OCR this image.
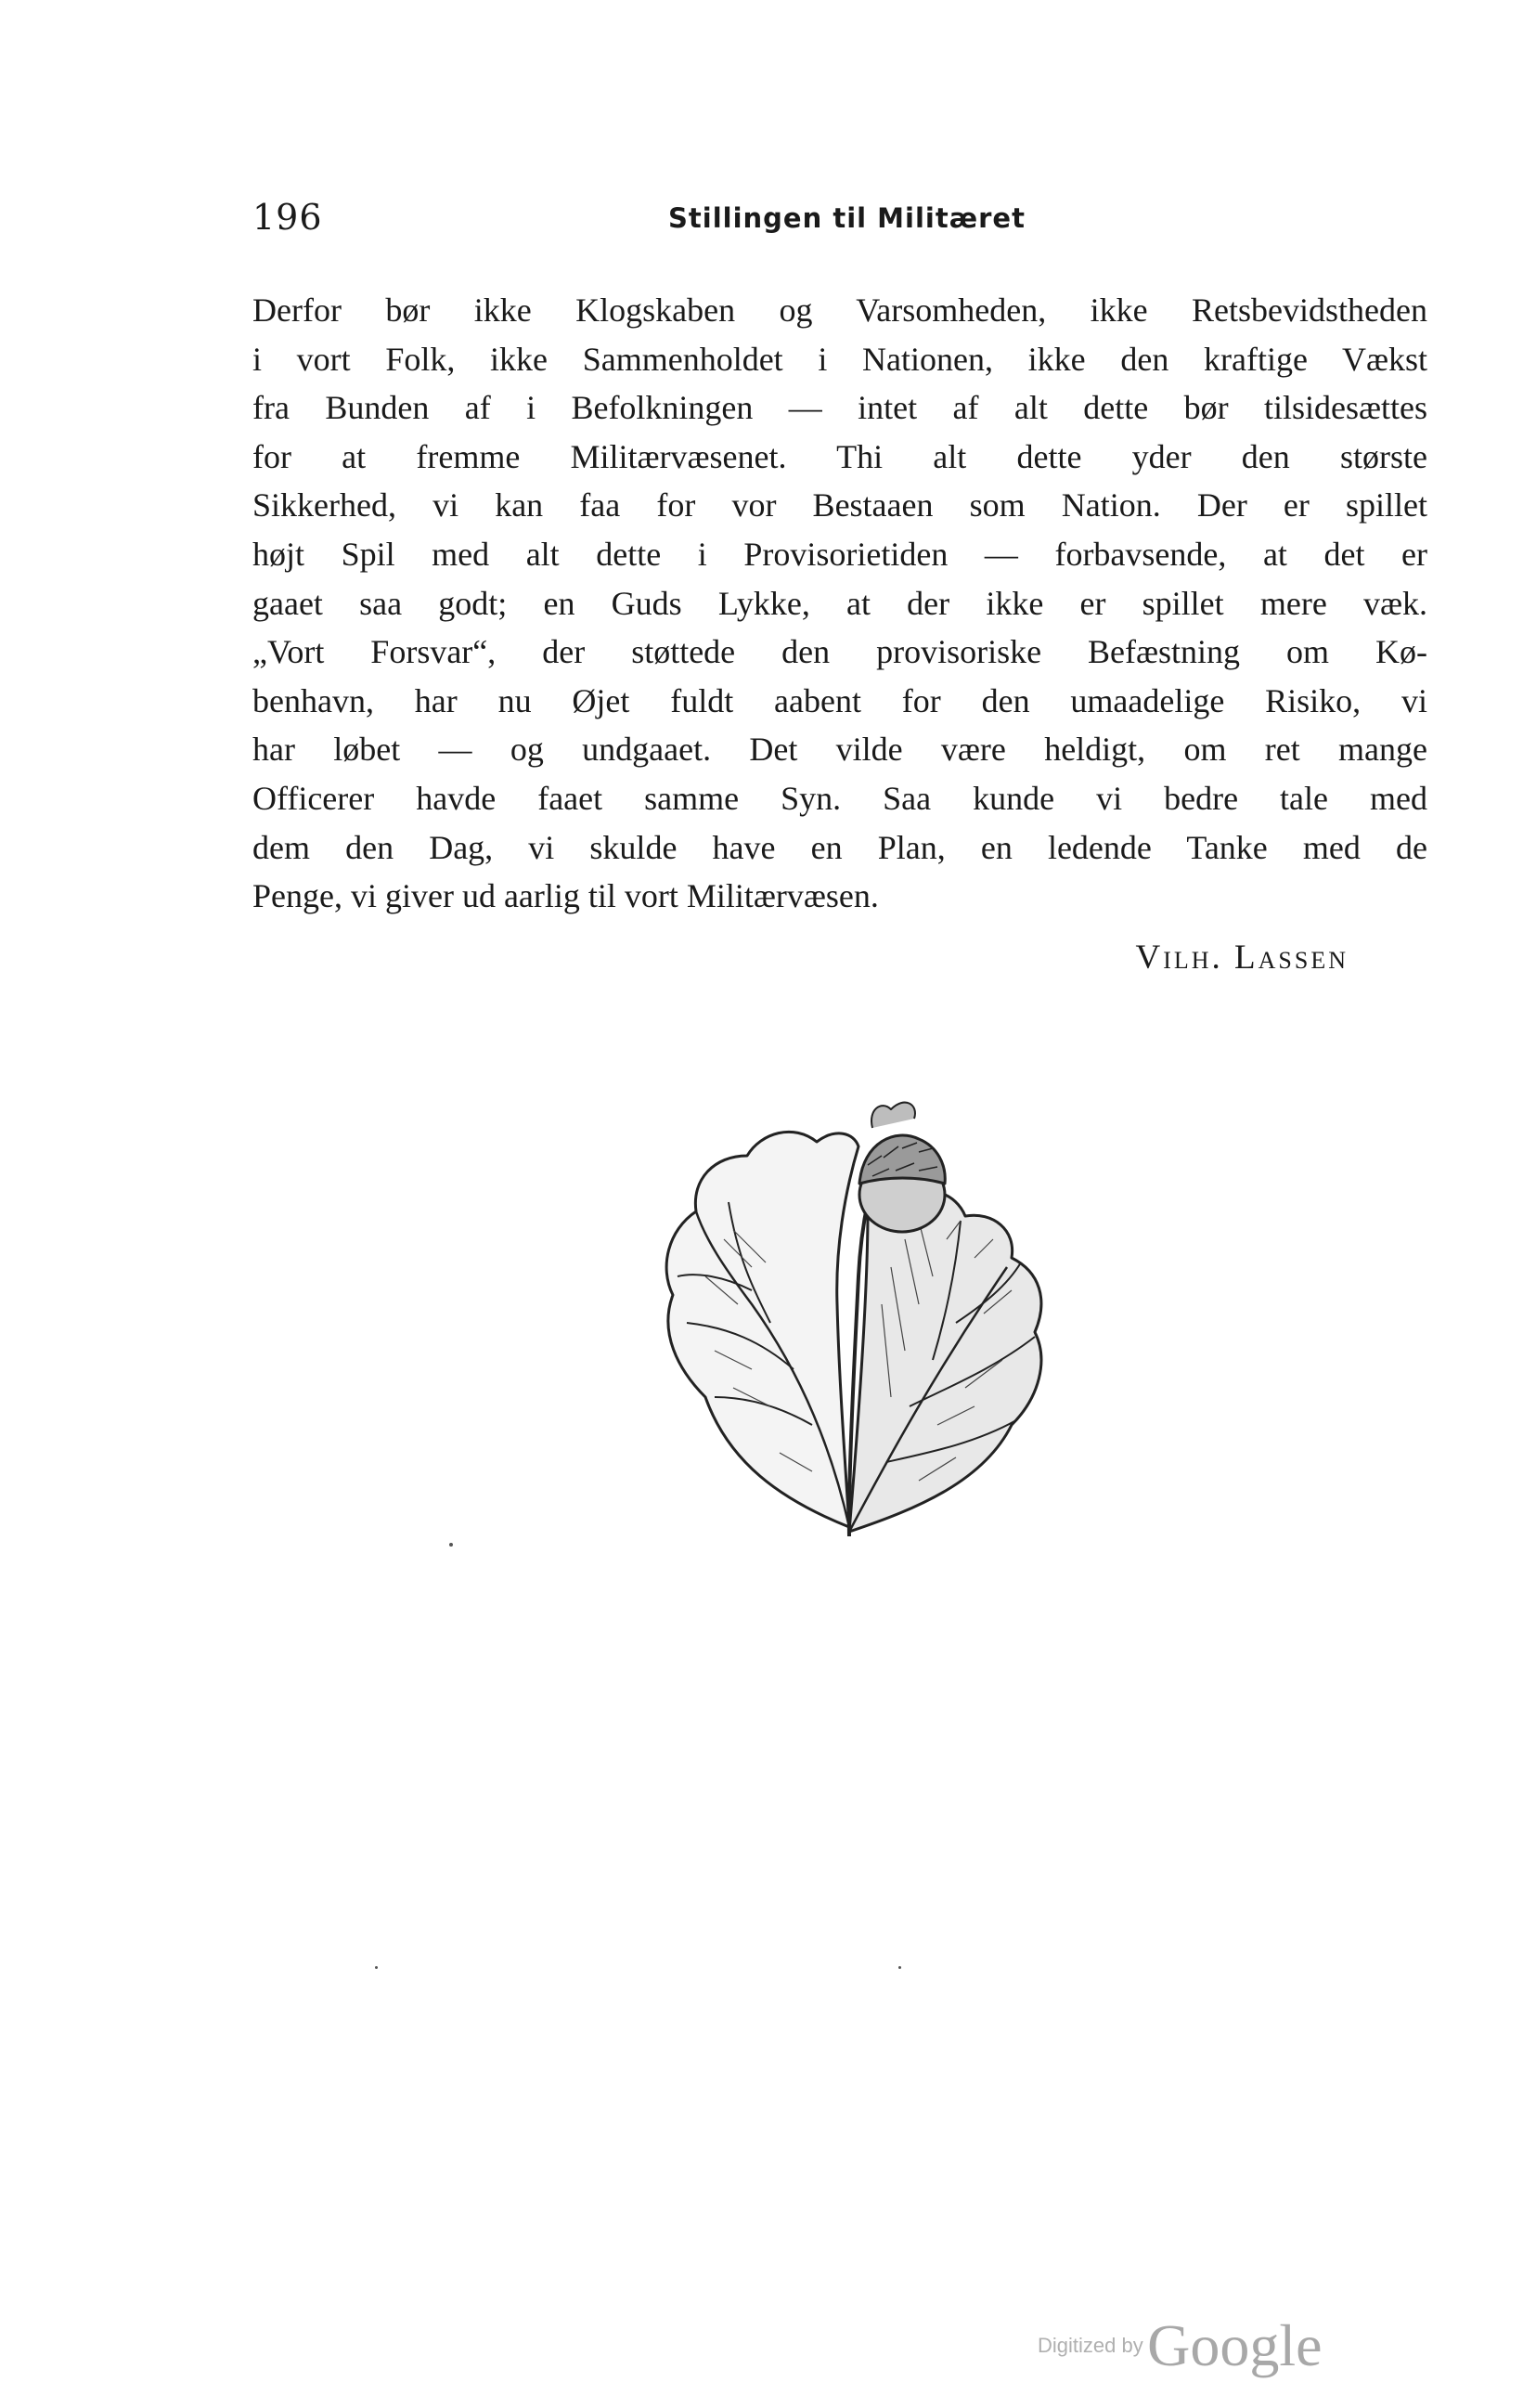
196	Stillingen til Militæret
Derfor bør ikke Klogskaben og Varsomheden, ikke Retsbevidstheden
i vort Folk, ikke Sammenholdet i Nationen, ikke den kraftige Vækst
fra Bunden af i Befolkningen — intet af alt dette bør tilsidesættes
for at fremme Militærvæsenet. Thi alt dette yder den største
Sikkerhed, vi kan faa for vor Bestaaen som Nation. Der er spillet
højt Spil med alt dette i Provisorietiden — forbavsende, at det er
gaaet saa godt; en Guds Lykke, at der ikke er spillet mere væk.
„Vort Forsvar“, der støttede den provisoriske Befæstning om Kø-
benhavn, har nu Øjet fuldt aabent for den umaadelige Risiko, vi
har løbet — og undgaaet. Det vilde være heldigt, om ret mange
Officerer havde faaet samme Syn. Saa kunde vi bedre tale med
dem den Dag, vi skulde have en Plan, en ledende Tanke med de
Penge, vi giver ud aarlig til vort Militærvæsen.
Vilh. Lassen
Digitized by Google
